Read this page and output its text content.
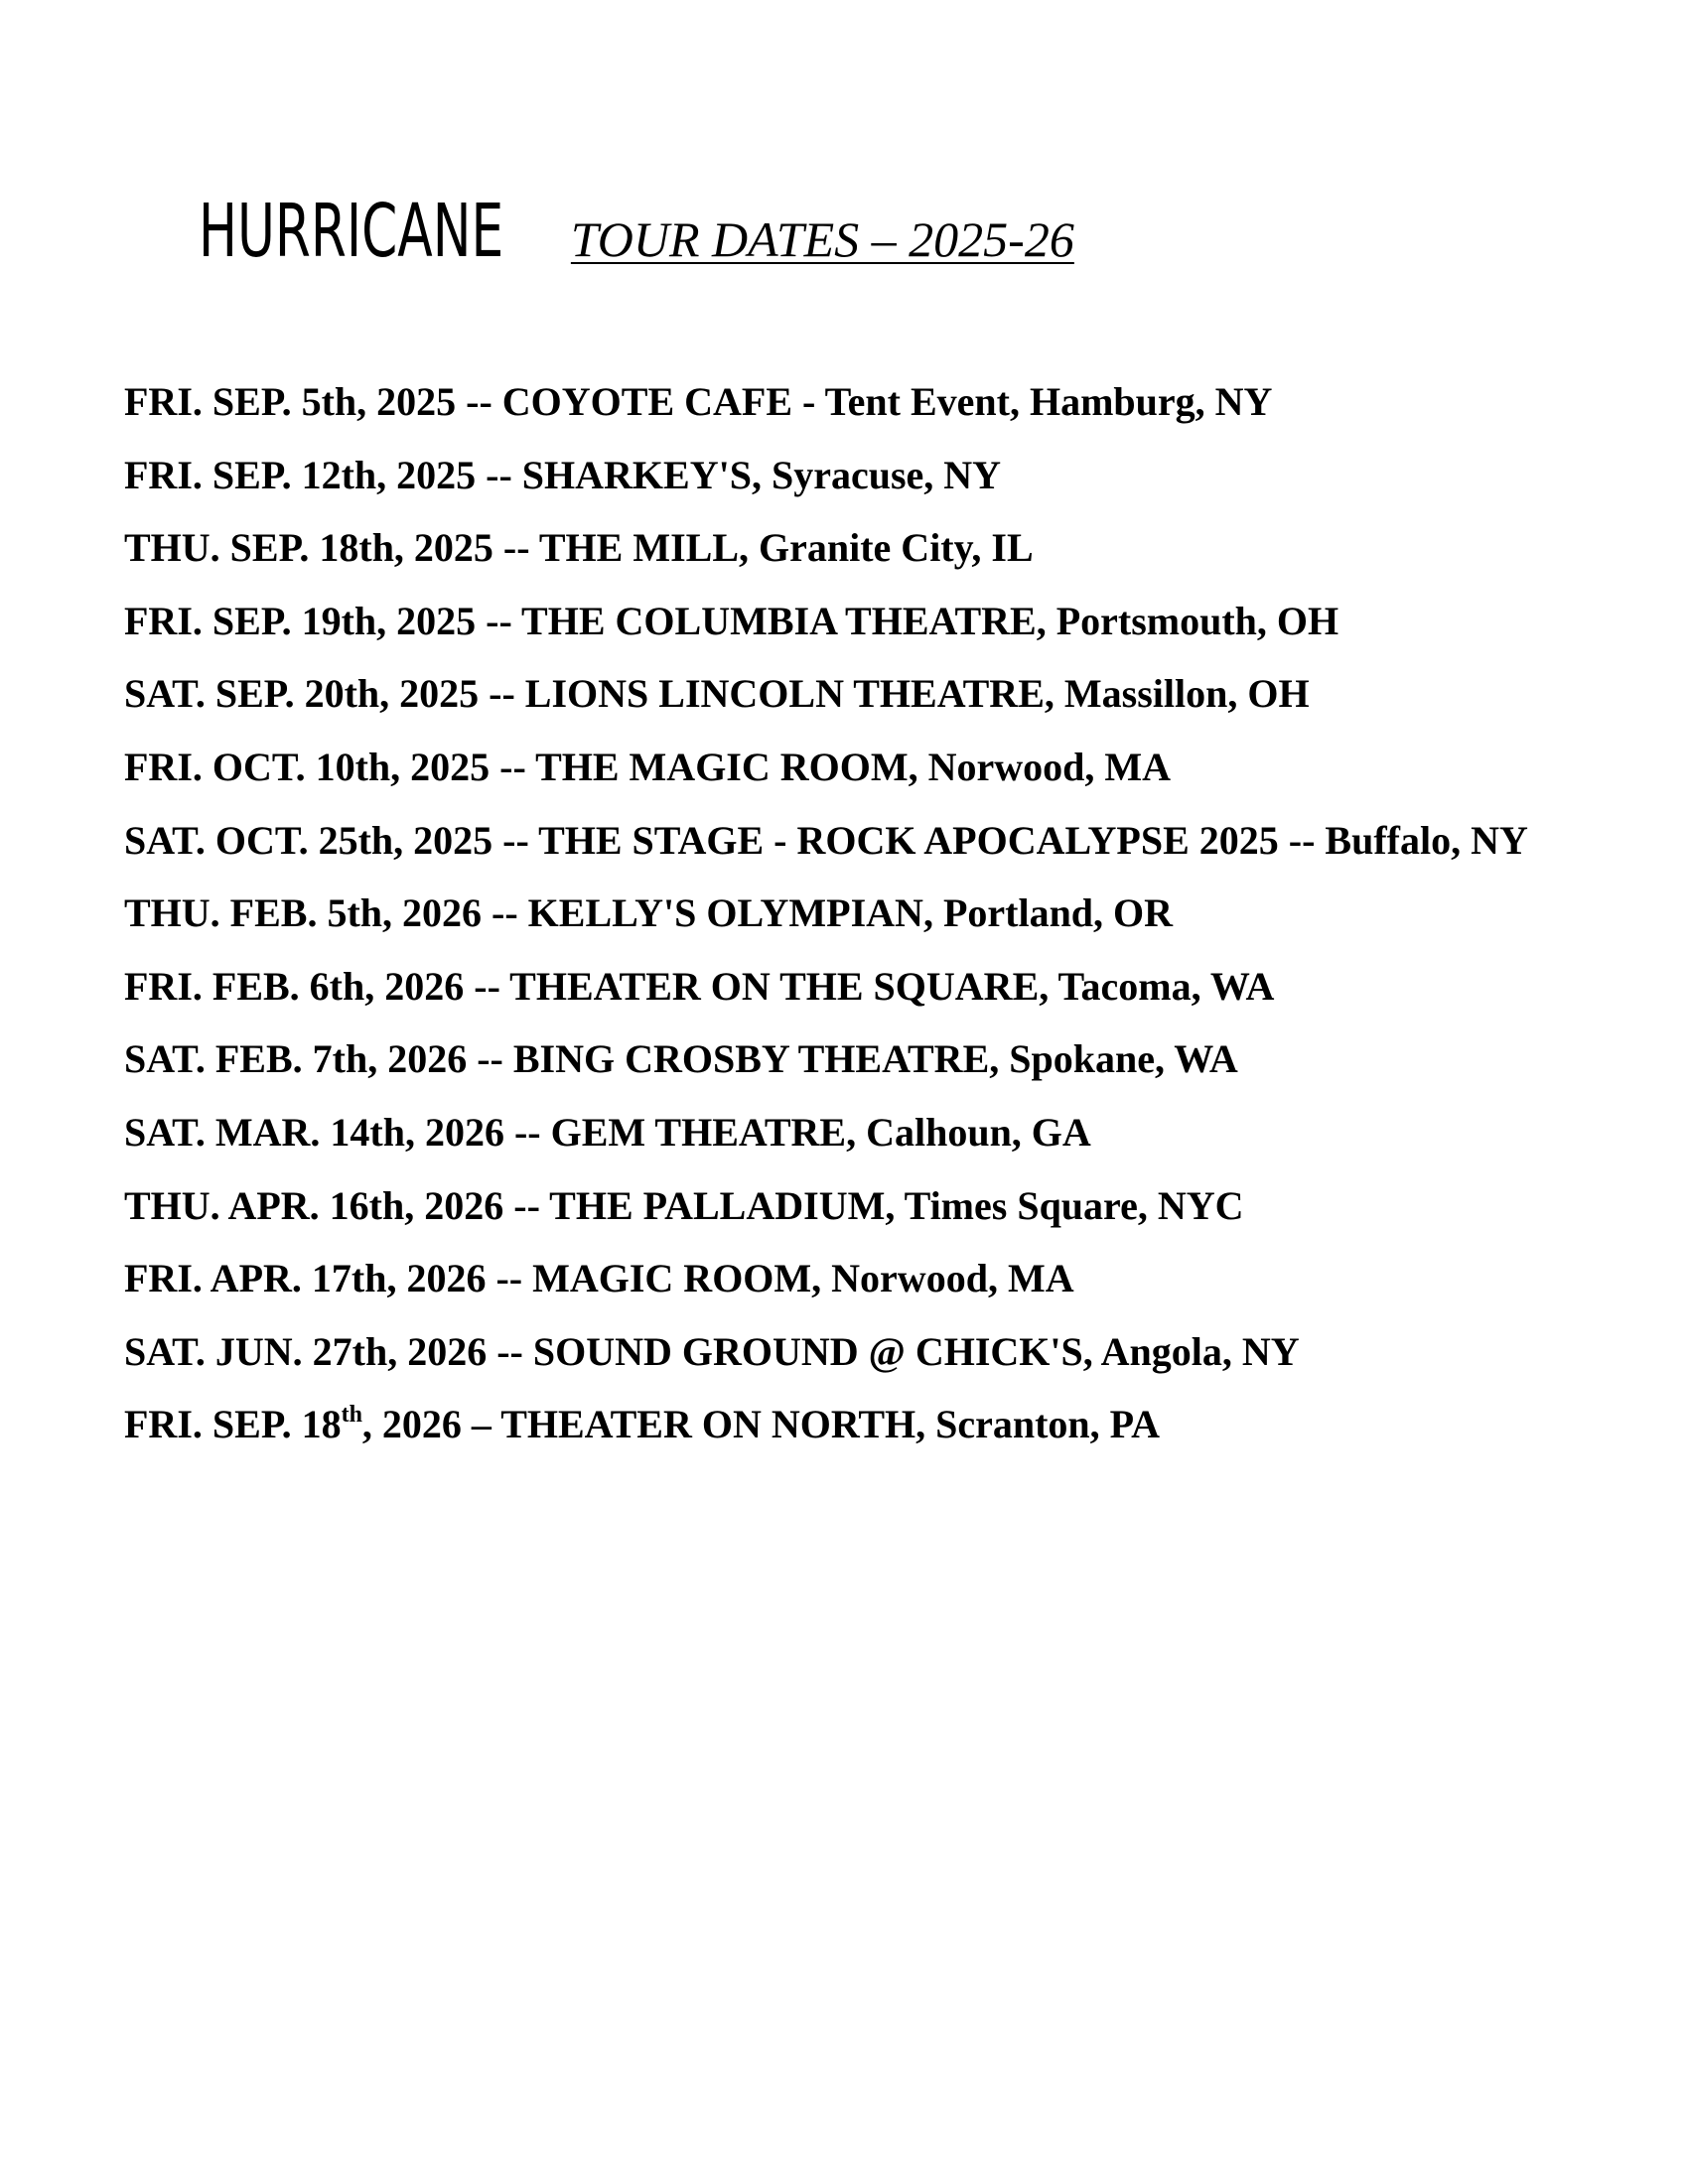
HURRICANE TOUR DATES – 2025-26
FRI. SEP. 5th, 2025 -- COYOTE CAFE - Tent Event, Hamburg, NY
FRI. SEP. 12th, 2025 -- SHARKEY'S, Syracuse, NY
THU. SEP. 18th, 2025 -- THE MILL, Granite City, IL
FRI. SEP. 19th, 2025 -- THE COLUMBIA THEATRE, Portsmouth, OH
SAT. SEP. 20th, 2025 -- LIONS LINCOLN THEATRE, Massillon, OH
FRI. OCT. 10th, 2025 -- THE MAGIC ROOM, Norwood, MA
SAT. OCT. 25th, 2025 -- THE STAGE - ROCK APOCALYPSE 2025 -- Buffalo, NY
THU. FEB. 5th, 2026 -- KELLY'S OLYMPIAN, Portland, OR
FRI. FEB. 6th, 2026 -- THEATER ON THE SQUARE, Tacoma, WA
SAT. FEB. 7th, 2026 -- BING CROSBY THEATRE, Spokane, WA
SAT. MAR. 14th, 2026 -- GEM THEATRE, Calhoun, GA
THU. APR. 16th, 2026 -- THE PALLADIUM, Times Square, NYC
FRI. APR. 17th, 2026 -- MAGIC ROOM, Norwood, MA
SAT. JUN. 27th, 2026 -- SOUND GROUND @ CHICK'S, Angola, NY
FRI. SEP. 18th, 2026 – THEATER ON NORTH, Scranton, PA
